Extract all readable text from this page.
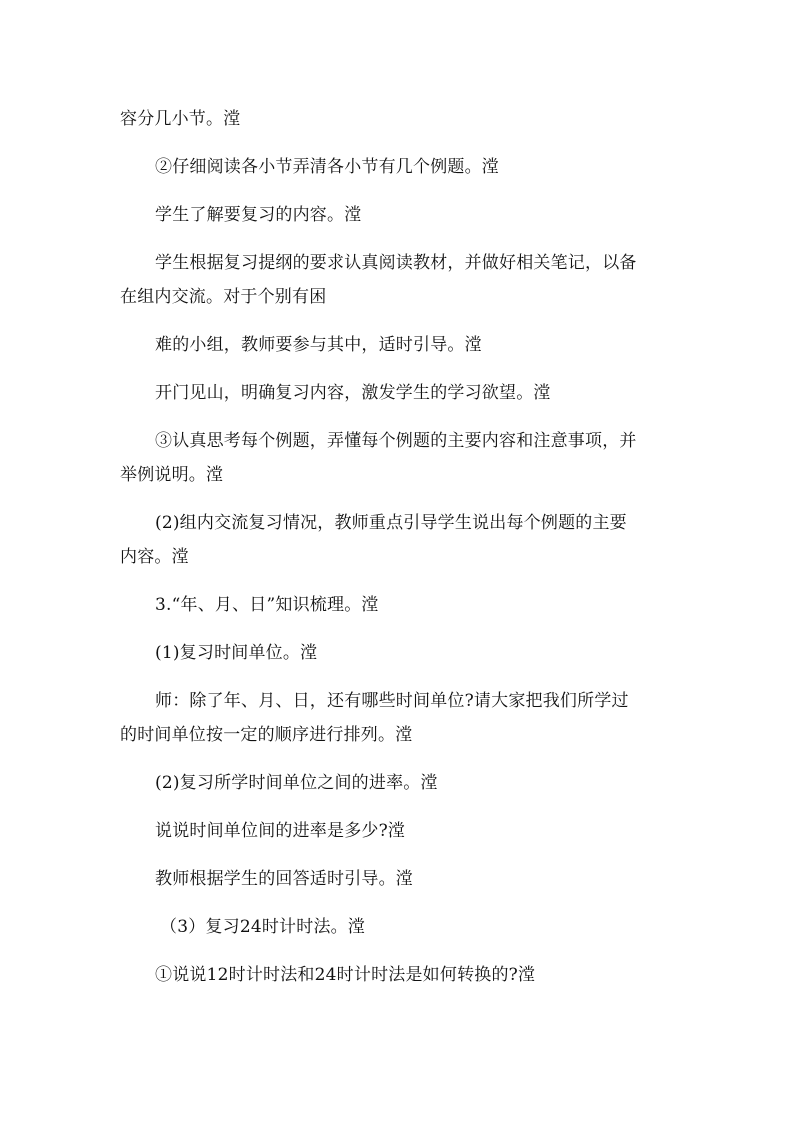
容分几小节。漟
②仔细阅读各小节弄清各小节有几个例题。漟
学生了解要复习的内容。漟
学生根据复习提纲的要求认真阅读教材，并做好相关笔记，以备
在组内交流。对于个别有困
难的小组，教师要参与其中，适时引导。漟
开门见山，明确复习内容，激发学生的学习欲望。漟
③认真思考每个例题，弄懂每个例题的主要内容和注意事项，并
举例说明。漟
(2)组内交流复习情况，教师重点引导学生说出每个例题的主要
内容。漟
3.“年、月、日”知识梳理。漟
(1)复习时间单位。漟
师：除了年、月、日，还有哪些时间单位?请大家把我们所学过
的时间单位按一定的顺序进行排列。漟
(2)复习所学时间单位之间的进率。漟
说说时间单位间的进率是多少?漟
教师根据学生的回答适时引导。漟
（3）复习24时计时法。漟
①说说12时计时法和24时计时法是如何转换的?漟
